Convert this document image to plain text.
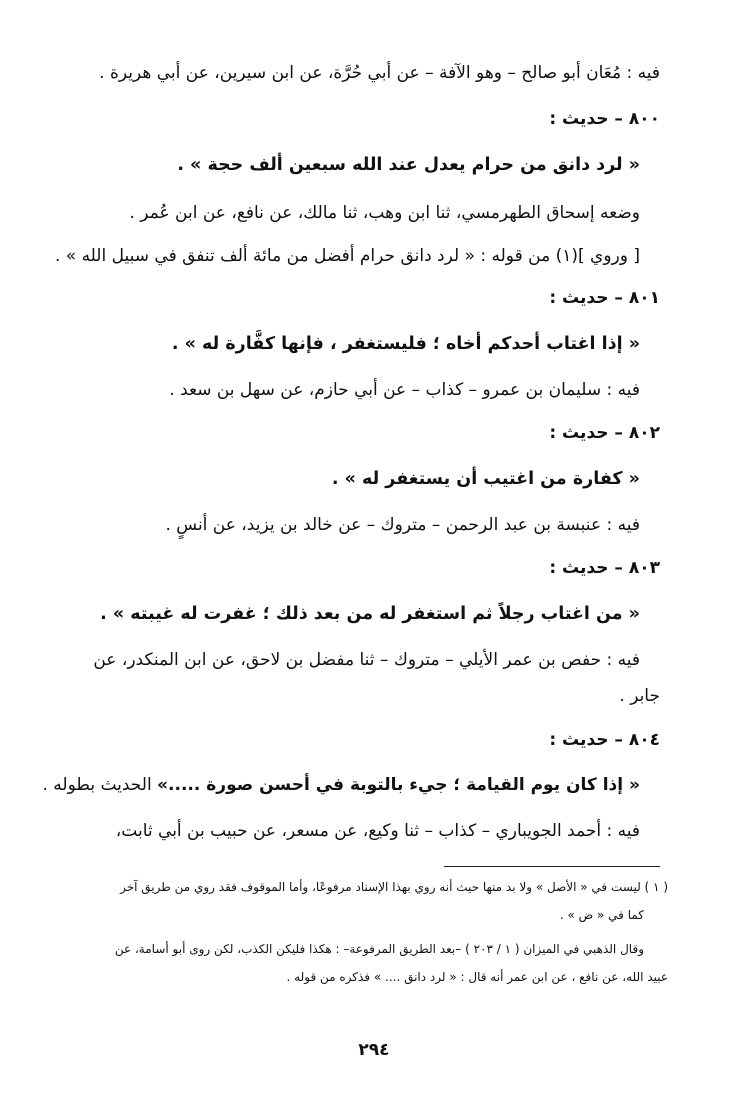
فيه : مُعَان أبو صالح – وهو الآفة – عن أبي حُرَّة، عن ابن سيرين، عن أبي هريرة .
٨٠٠ – حديث :
« لرد دانق من حرام يعدل عند الله سبعين ألف حجة » .
وضعه إسحاق الطهرمسي، ثنا ابن وهب، ثنا مالك، عن نافع، عن ابن عُمر .
[ وروي ](١) من قوله : « لرد دانق حرام أفضل من مائة ألف تنفق في سبيل الله » .
٨٠١ – حديث :
« إذا اغتاب أحدكم أخاه ؛ فليستغفر ، فإنها كفَّارة له » .
فيه : سليمان بن عمرو – كذاب – عن أبي حازم، عن سهل بن سعد .
٨٠٢ – حديث :
« كفارة من اغتيب أن يستغفر له » .
فيه : عنبسة بن عبد الرحمن – متروك – عن خالد بن يزيد، عن أنسٍ .
٨٠٣ – حديث :
« من اغتاب رجلاً ثم استغفر له من بعد ذلك ؛ غفرت له غيبته » .
فيه : حفص بن عمر الأيلي – متروك – ثنا مفضل بن لاحق، عن ابن المنكدر، عن
جابر .
٨٠٤ – حديث :
« إذا كان يوم القيامة ؛ جيء بالتوبة في أحسن صورة .....» الحديث بطوله .
فيه : أحمد الجويباري – كذاب – ثنا وكيع، عن مسعر، عن حبيب بن أبي ثابت،
( ١ ) ليست في « الأصل » ولا بد منها حيث أنه روي بهذا الإسناد مرفوعًا، وأما الموقوف فقد روي من طريق آخر
كما في « ض » .
وقال الذهبي في الميزان ( ١ / ٢٠٣ ) –بعد الطريق المرفوعة– : هكذا فليكن الكذب، لكن روى أبو أسامة، عن
عبيد الله، عن نافع ، عن ابن عمر أنه قال : « لرد دانق .... » فذكره من قوله .
٢٩٤
